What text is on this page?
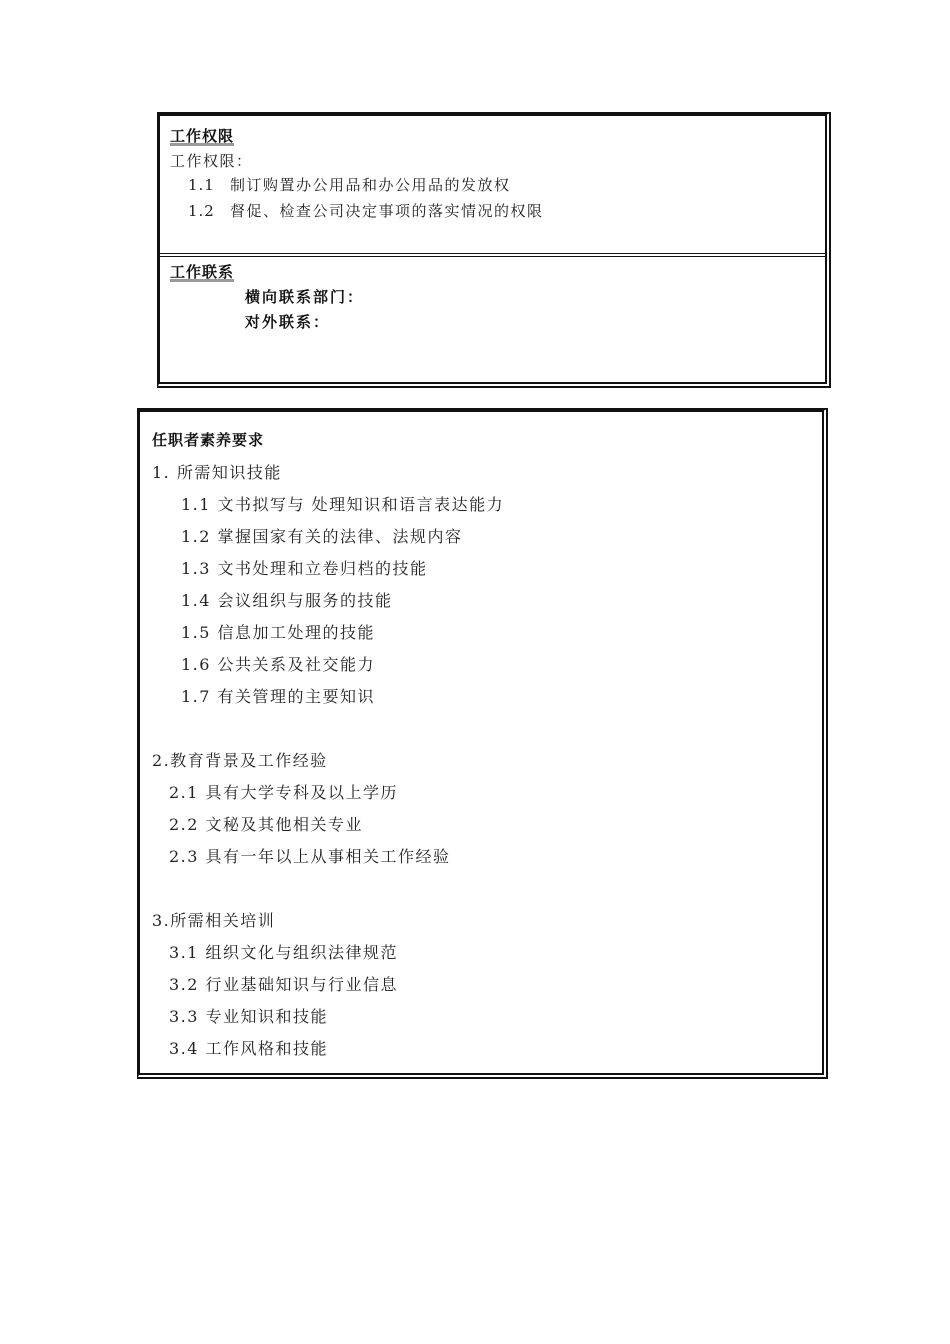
工作权限
工作权限：
1.1 制订购置办公用品和办公用品的发放权
1.2 督促、检查公司决定事项的落实情况的权限
工作联系
横向联系部门：
对外联系：
任职者素养要求
1. 所需知识技能
1.1 文书拟写与 处理知识和语言表达能力
1.2 掌握国家有关的法律、法规内容
1.3 文书处理和立卷归档的技能
1.4 会议组织与服务的技能
1.5 信息加工处理的技能
1.6 公共关系及社交能力
1.7 有关管理的主要知识
2.教育背景及工作经验
2.1 具有大学专科及以上学历
2.2 文秘及其他相关专业
2.3 具有一年以上从事相关工作经验
3.所需相关培训
3.1 组织文化与组织法律规范
3.2 行业基础知识与行业信息
3.3 专业知识和技能
3.4 工作风格和技能
